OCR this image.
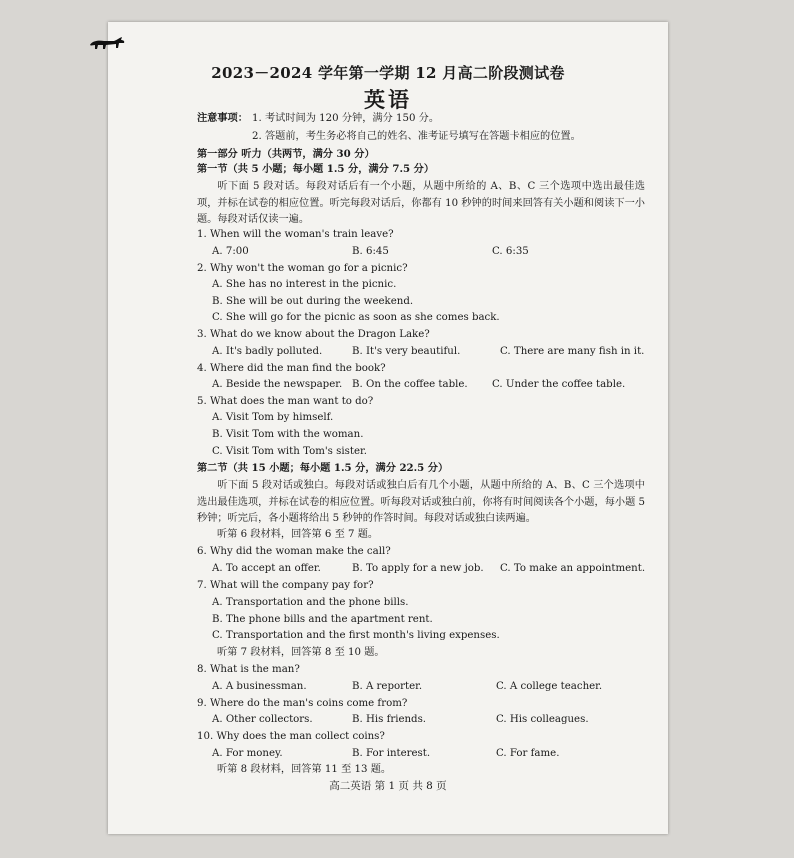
2023－2024 学年第一学期 12 月高二阶段测试卷
英语
注意事项： 1. 考试时间为 120 分钟，满分 150 分。
2. 答题前，考生务必将自己的姓名、准考证号填写在答题卡相应的位置。
第一部分 听力（共两节，满分 30 分）
第一节（共 5 小题；每小题 1.5 分，满分 7.5 分）
听下面 5 段对话。每段对话后有一个小题，从题中所给的 A、B、C 三个选项中选出最佳选项，并标在试卷的相应位置。听完每段对话后，你都有 10 秒钟的时间来回答有关小题和阅读下一小题。每段对话仅读一遍。
1. When will the woman's train leave?
A. 7:00	B. 6:45	C. 6:35
2. Why won't the woman go for a picnic?
A. She has no interest in the picnic.
B. She will be out during the weekend.
C. She will go for the picnic as soon as she comes back.
3. What do we know about the Dragon Lake?
A. It's badly polluted.	B. It's very beautiful.	C. There are many fish in it.
4. Where did the man find the book?
A. Beside the newspaper. B. On the coffee table. C. Under the coffee table.
5. What does the man want to do?
A. Visit Tom by himself.
B. Visit Tom with the woman.
C. Visit Tom with Tom's sister.
第二节（共 15 小题；每小题 1.5 分，满分 22.5 分）
听下面 5 段对话或独白。每段对话或独白后有几个小题，从题中所给的 A、B、C 三个选项中选出最佳选项，并标在试卷的相应位置。听每段对话或独白前，你将有时间阅读各个小题，每小题 5 秒钟；听完后，各小题将给出 5 秒钟的作答时间。每段对话或独白读两遍。
听第 6 段材料，回答第 6 至 7 题。
6. Why did the woman make the call?
A. To accept an offer.	B. To apply for a new job. C. To make an appointment.
7. What will the company pay for?
A. Transportation and the phone bills.
B. The phone bills and the apartment rent.
C. Transportation and the first month's living expenses.
听第 7 段材料，回答第 8 至 10 题。
8. What is the man?
A. A businessman.	B. A reporter.	C. A college teacher.
9. Where do the man's coins come from?
A. Other collectors.	B. His friends.	C. His colleagues.
10. Why does the man collect coins?
A. For money.	B. For interest.	C. For fame.
听第 8 段材料，回答第 11 至 13 题。
高二英语 第 1 页 共 8 页
